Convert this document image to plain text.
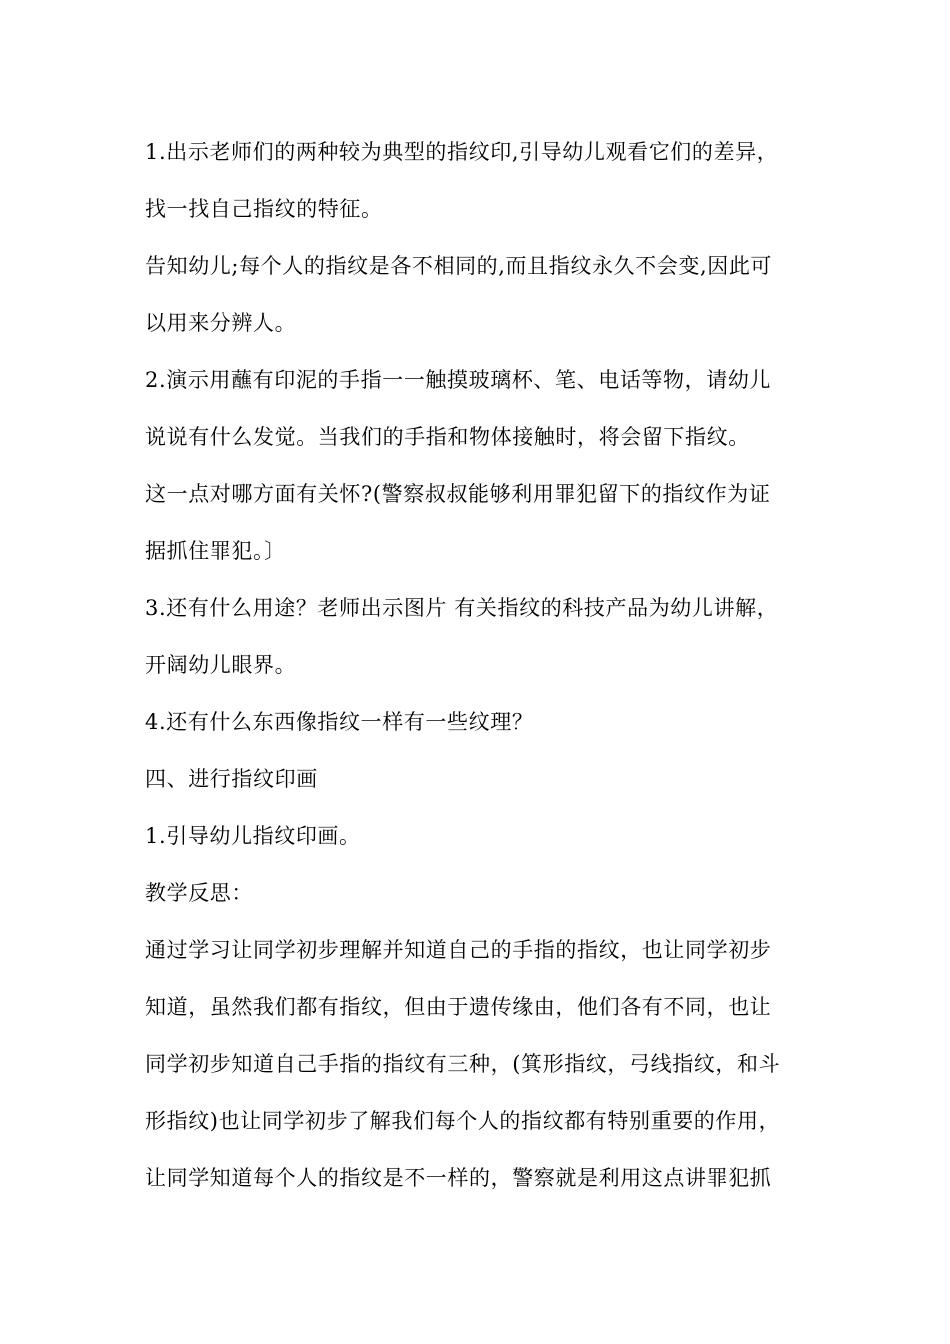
1.出示老师们的两种较为典型的指纹印,引导幼儿观看它们的差异，
找一找自己指纹的特征。
告知幼儿;每个人的指纹是各不相同的,而且指纹永久不会变,因此可
以用来分辨人。
2.演示用蘸有印泥的手指一一触摸玻璃杯、笔、电话等物，请幼儿
说说有什么发觉。当我们的手指和物体接触时，将会留下指纹。
这一点对哪方面有关怀?(警察叔叔能够利用罪犯留下的指纹作为证
据抓住罪犯。〕
3.还有什么用途？老师出示图片 有关指纹的科技产品为幼儿讲解，
开阔幼儿眼界。
4.还有什么东西像指纹一样有一些纹理？
四、进行指纹印画
1.引导幼儿指纹印画。
教学反思：
通过学习让同学初步理解并知道自己的手指的指纹，也让同学初步
知道，虽然我们都有指纹，但由于遗传缘由，他们各有不同，也让
同学初步知道自己手指的指纹有三种，(箕形指纹，弓线指纹，和斗
形指纹)也让同学初步了解我们每个人的指纹都有特别重要的作用，
让同学知道每个人的指纹是不一样的，警察就是利用这点讲罪犯抓
